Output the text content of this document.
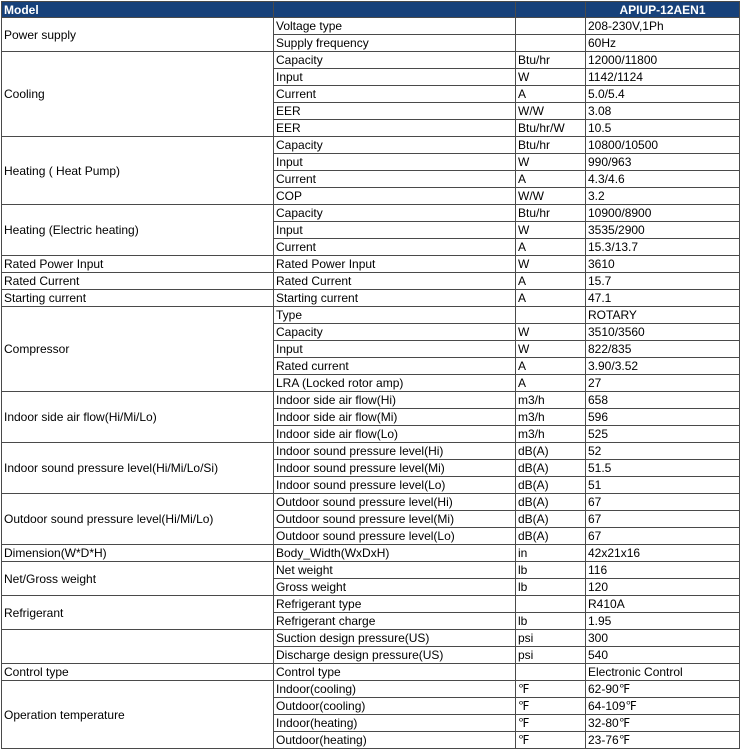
Model			APIUP-12AEN1
Power supply	Voltage type		208-230V,1Ph
	Supply frequency		60Hz
Cooling	Capacity	Btu/hr	12000/11800
	Input	W	1142/1124
	Current	A	5.0/5.4
	EER	W/W	3.08
	EER	Btu/hr/W	10.5
Heating ( Heat Pump)	Capacity	Btu/hr	10800/10500
	Input	W	990/963
	Current	A	4.3/4.6
	COP	W/W	3.2
Heating (Electric heating)	Capacity	Btu/hr	10900/8900
	Input	W	3535/2900
	Current	A	15.3/13.7
Rated Power Input	Rated Power Input	W	3610
Rated Current	Rated Current	A	15.7
Starting current	Starting current	A	47.1
Compressor	Type		ROTARY
	Capacity	W	3510/3560
	Input	W	822/835
	Rated current	A	3.90/3.52
	LRA (Locked rotor amp)	A	27
Indoor side air flow(Hi/Mi/Lo)	Indoor side air flow(Hi)	m3/h	658
	Indoor side air flow(Mi)	m3/h	596
	Indoor side air flow(Lo)	m3/h	525
Indoor sound pressure level(Hi/Mi/Lo/Si)	Indoor sound pressure level(Hi)	dB(A)	52
	Indoor sound pressure level(Mi)	dB(A)	51.5
	Indoor sound pressure level(Lo)	dB(A)	51
Outdoor sound pressure level(Hi/Mi/Lo)	Outdoor sound pressure level(Hi)	dB(A)	67
	Outdoor sound pressure level(Mi)	dB(A)	67
	Outdoor sound pressure level(Lo)	dB(A)	67
Dimension(W*D*H)	Body_Width(WxDxH)	in	42x21x16
Net/Gross weight	Net weight	lb	116
	Gross weight	lb	120
Refrigerant	Refrigerant type		R410A
	Refrigerant charge	lb	1.95
	Suction design pressure(US)	psi	300
	Discharge design pressure(US)	psi	540
Control type	Control type		Electronic Control
Operation temperature	Indoor(cooling)	℉	62-90℉
	Outdoor(cooling)	℉	64-109℉
	Indoor(heating)	℉	32-80℉
	Outdoor(heating)	℉	23-76℉
